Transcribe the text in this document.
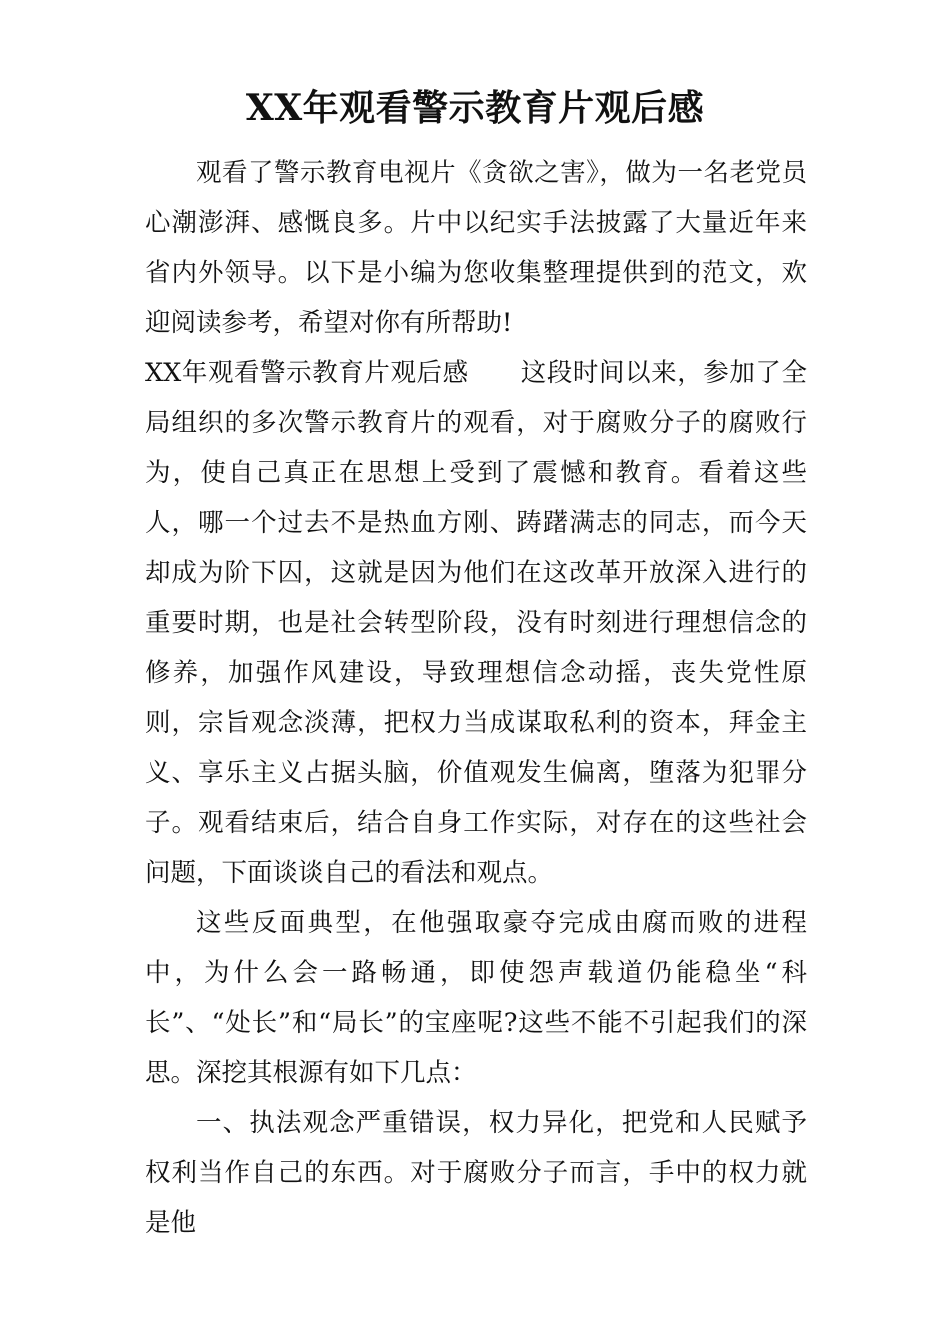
XX年观看警示教育片观后感

观看了警示教育电视片《贪欲之害》，做为一名老党员心潮澎湃、感慨良多。片中以纪实手法披露了大量近年来省内外领导。以下是小编为您收集整理提供到的范文，欢迎阅读参考，希望对你有所帮助!

XX年观看警示教育片观后感　　这段时间以来，参加了全局组织的多次警示教育片的观看，对于腐败分子的腐败行为，使自己真正在思想上受到了震憾和教育。看着这些人，哪一个过去不是热血方刚、踌躇满志的同志，而今天却成为阶下囚，这就是因为他们在这改革开放深入进行的重要时期，也是社会转型阶段，没有时刻进行理想信念的修养，加强作风建设，导致理想信念动摇，丧失党性原则，宗旨观念淡薄，把权力当成谋取私利的资本，拜金主义、享乐主义占据头脑，价值观发生偏离，堕落为犯罪分子。观看结束后，结合自身工作实际，对存在的这些社会问题，下面谈谈自己的看法和观点。

这些反面典型，在他强取豪夺完成由腐而败的进程中，为什么会一路畅通，即使怨声载道仍能稳坐“科长”、“处长”和“局长”的宝座呢?这些不能不引起我们的深思。深挖其根源有如下几点：

一、执法观念严重错误，权力异化，把党和人民赋予权利当作自己的东西。对于腐败分子而言，手中的权力就是他
